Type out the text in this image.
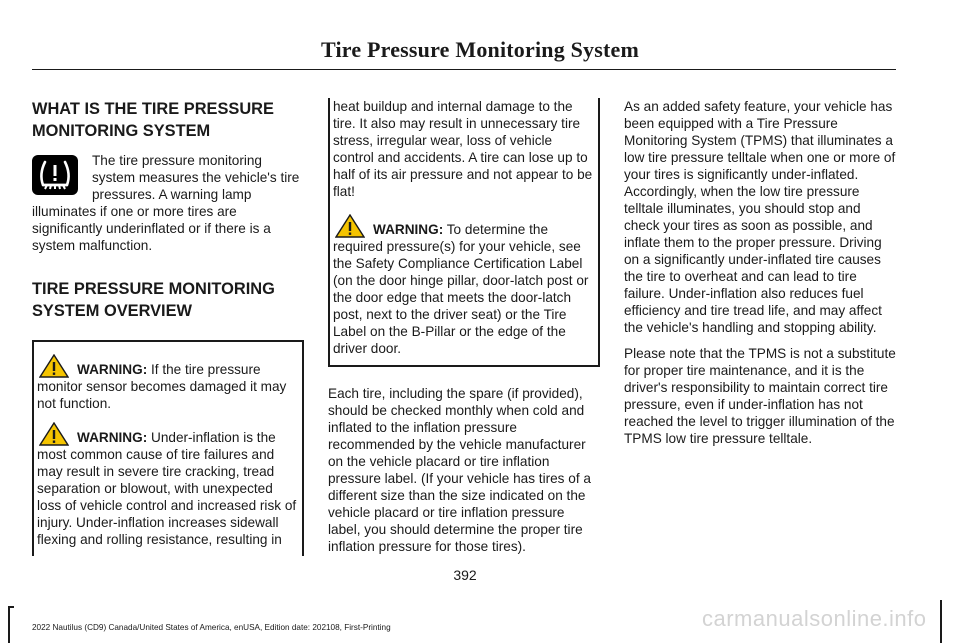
Tire Pressure Monitoring System
WHAT IS THE TIRE PRESSURE MONITORING SYSTEM

The tire pressure monitoring system measures the vehicle's tire pressures. A warning lamp illuminates if one or more tires are significantly underinflated or if there is a system malfunction.

TIRE PRESSURE MONITORING SYSTEM OVERVIEW

WARNING: If the tire pressure monitor sensor becomes damaged it may not function.

WARNING: Under-inflation is the most common cause of tire failures and may result in severe tire cracking, tread separation or blowout, with unexpected loss of vehicle control and increased risk of injury. Under-inflation increases sidewall flexing and rolling resistance, resulting in

heat buildup and internal damage to the tire. It also may result in unnecessary tire stress, irregular wear, loss of vehicle control and accidents. A tire can lose up to half of its air pressure and not appear to be flat!

WARNING: To determine the required pressure(s) for your vehicle, see the Safety Compliance Certification Label (on the door hinge pillar, door-latch post or the door edge that meets the door-latch post, next to the driver seat) or the Tire Label on the B-Pillar or the edge of the driver door.

Each tire, including the spare (if provided), should be checked monthly when cold and inflated to the inflation pressure recommended by the vehicle manufacturer on the vehicle placard or tire inflation pressure label. (If your vehicle has tires of a different size than the size indicated on the vehicle placard or tire inflation pressure label, you should determine the proper tire inflation pressure for those tires).

As an added safety feature, your vehicle has been equipped with a Tire Pressure Monitoring System (TPMS) that illuminates a low tire pressure telltale when one or more of your tires is significantly under-inflated. Accordingly, when the low tire pressure telltale illuminates, you should stop and check your tires as soon as possible, and inflate them to the proper pressure. Driving on a significantly under-inflated tire causes the tire to overheat and can lead to tire failure. Under-inflation also reduces fuel efficiency and tire tread life, and may affect the vehicle's handling and stopping ability.

Please note that the TPMS is not a substitute for proper tire maintenance, and it is the driver's responsibility to maintain correct tire pressure, even if under-inflation has not reached the level to trigger illumination of the TPMS low tire pressure telltale.

392
2022 Nautilus (CD9) Canada/United States of America, enUSA, Edition date: 202108, First-Printing	carmanualsonline.info
